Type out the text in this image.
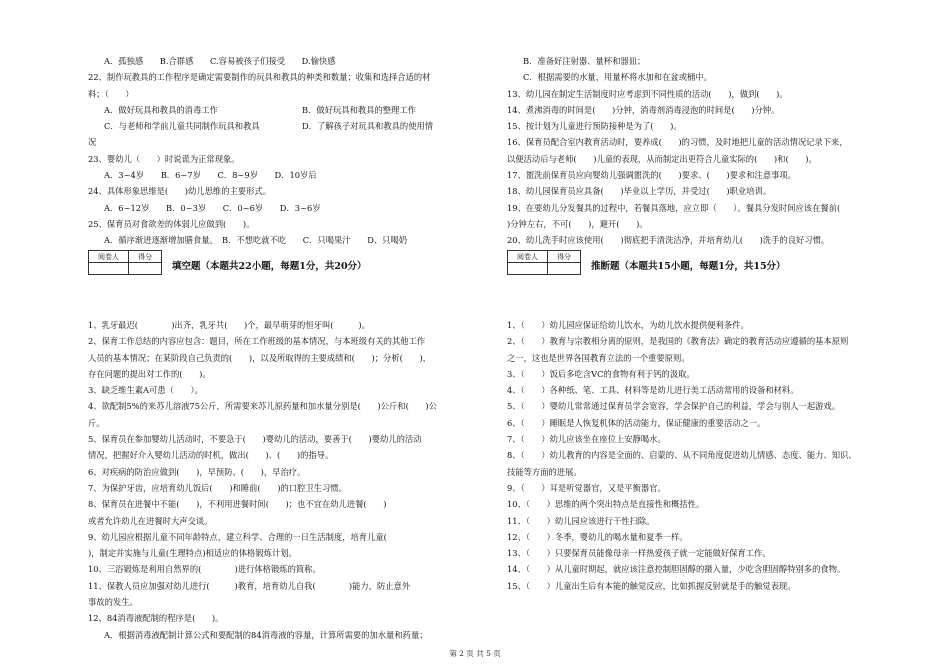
A．孤独感　　B.合群感　　C.容易被孩子们接受　　D.愉快感
22、制作玩教具的工作程序是确定需要制作的玩具和教具的种类和数量；收集和选择合适的材
料；（　　）
A．做好玩具和教具的消毒工作	B．做好玩具和教具的整理工作
C．与老师和学前儿童共同制作玩具和教具	D．了解孩子对玩具和教具的使用情
况
23、婴幼儿（　　）时说谎为正常现象。
A．3~4岁　　B．6~7岁　　C．8~9岁　　D．10岁后
24、具体形象思维是(　　)幼儿思维的主要形式。
A．6~12岁　　B．0~3岁　　C．0~6岁　　D．3~6岁
25、保育员对食欲差的体弱儿应做到(　　)。
A．循序渐进逐渐增加膳食量。　B．不想吃就不吃　　C．只喝果汁　　D、只喝奶
阅卷人	得分

填空题（本题共22小题，每题1分，共20分）
1、乳牙最迟(　　　　)出齐，乳牙共(　　)个，最早萌芽的恒牙叫(　　　)。
2、保育工作总结的内容应包含：题目，所在工作班级的基本情况，与本班级有关的其他工作
人员的基本情况；在某阶段自己负责的(　　)，以及所取得的主要成绩和(　　)；分析(　　)，
存在问题的提出对工作的(　　)。
3、缺乏维生素A可患（　　）。
4、欲配制5%的来苏儿溶液75公斤，所需要来苏儿原药量和加水量分别是(　　)公斤和(　　)公
斤。
5、保育员在参加婴幼儿活动时，不要急于(　　)婴幼儿的活动，要善于(　　)婴幼儿的活动
情况，把握好介入婴幼儿活动的时机，做出(　　)、(　　)的指导。
6、对疾病的防治应做到(　　)，早预防、(　　)，早治疗。
7、为保护牙齿，应培育幼儿饭后(　　)和睡前(　　)的口腔卫生习惯。
8、保育员在进餐中不能(　　)，不利用进餐时间(　　)；也不宜在幼儿进餐(　　)
或者允许幼儿在进餐时大声交谈。
9、幼儿园应根据儿童不同年龄特点，建立科学、合理的一日生活制度，培育儿童(　　
)，制定并实施与儿童(生理特点)相适应的体格锻炼计划。
10、三浴锻炼是利用自然界的(　　　　)进行体格锻炼的简称。
11、保教人员应加强对幼儿进行(　　　)教育，培育幼儿自我(　　　　)能力，防止意外
事故的发生。
12、84消毒液配制的程序是(　　)。
A．根据消毒液配制计算公式和要配制的84消毒液的容量，计算所需要的加水量和药量；
B．准备好注射器、量杯和器皿；
C．根据需要的水量，用量杯将水加和在盆或桶中。
13、幼儿园在制定生活制度时应考虑到不同性质的活动(　　)，做到(　　)。
14、煮沸消毒的时间是(　　)分钟，消毒剂消毒浸泡的时间是(　　)分钟。
15、按计划为儿童进行预防接种是为了(　　)。
16、保育员配合室内教育活动时，要养成(　　)的习惯，及时地把儿童的活动情况记录下来，
以便活动后与老师(　　)儿童的表现，从而制定出更符合儿童实际的(　　)和(　　)。
17、盥洗前保育员应向婴幼儿强调盥洗的(　　)要求、(　　)要求和注意事项。
18、幼儿园保育员应具备(　　)毕业以上学历，并受过(　　)职业培训。
19、在要幼儿分发餐具的过程中，若餐具落地，应立即（　　）。餐具分发时间应该在餐前(　　
)分钟左右，不可(　　)，避开(　　)。
20、幼儿洗手时应该使用(　　)彻底把手清洗洁净，并培育幼儿(　　)洗手的良好习惯。
阅卷人	得分

推断题（本题共15小题，每题1分，共15分）
1、（　　）幼儿园应保证给幼儿饮水，为幼儿饮水提供便利条件。
2、（　　）教育与宗教相分离的原则，是我国的《教育法》确定的教育活动应遵循的基本原则
之一，这也是世界各国教育立法的一个重要原则。
3、（　　）饭后多吃含VC的食物有利于钙的汲取。
4、（　　）各种纸、笔、工具、材料等是幼儿进行美工活动常用的设备和材料。
5、（　　）婴幼儿常常通过保育员学会宽容，学会保护自己的利益，学会与别人一起游戏。
6、（　　）睡眠是人恢复机体的活动能力，保证健康的重要活动之一。
7、（　　）幼儿应该坐在座位上安静喝水。
8、（　　）幼儿教育的内容是全面的、启蒙的、从不同角度促进幼儿情感、态度、能力、知识、
技能等方面的进展。
9、（　　）耳是听觉器官，又是平衡器官。
10、（　　）思维的两个突出特点是直接性和概括性。
11、（　　）幼儿园应该进行干性扫除。
12、（　　）冬季，婴幼儿的喝水量和夏季一样。
13、（　　）只要保育员能像母亲一样热爱孩子就一定能做好保育工作。
14、（　　）从儿童时期起，就应该注意控制胆固醇的摄入量，少吃含胆固醇特别多的食物。
15、（　　）儿童出生后有本能的触觉反应，比如抓握反射就是手的触觉表现。
第 2 页 共 5 页
